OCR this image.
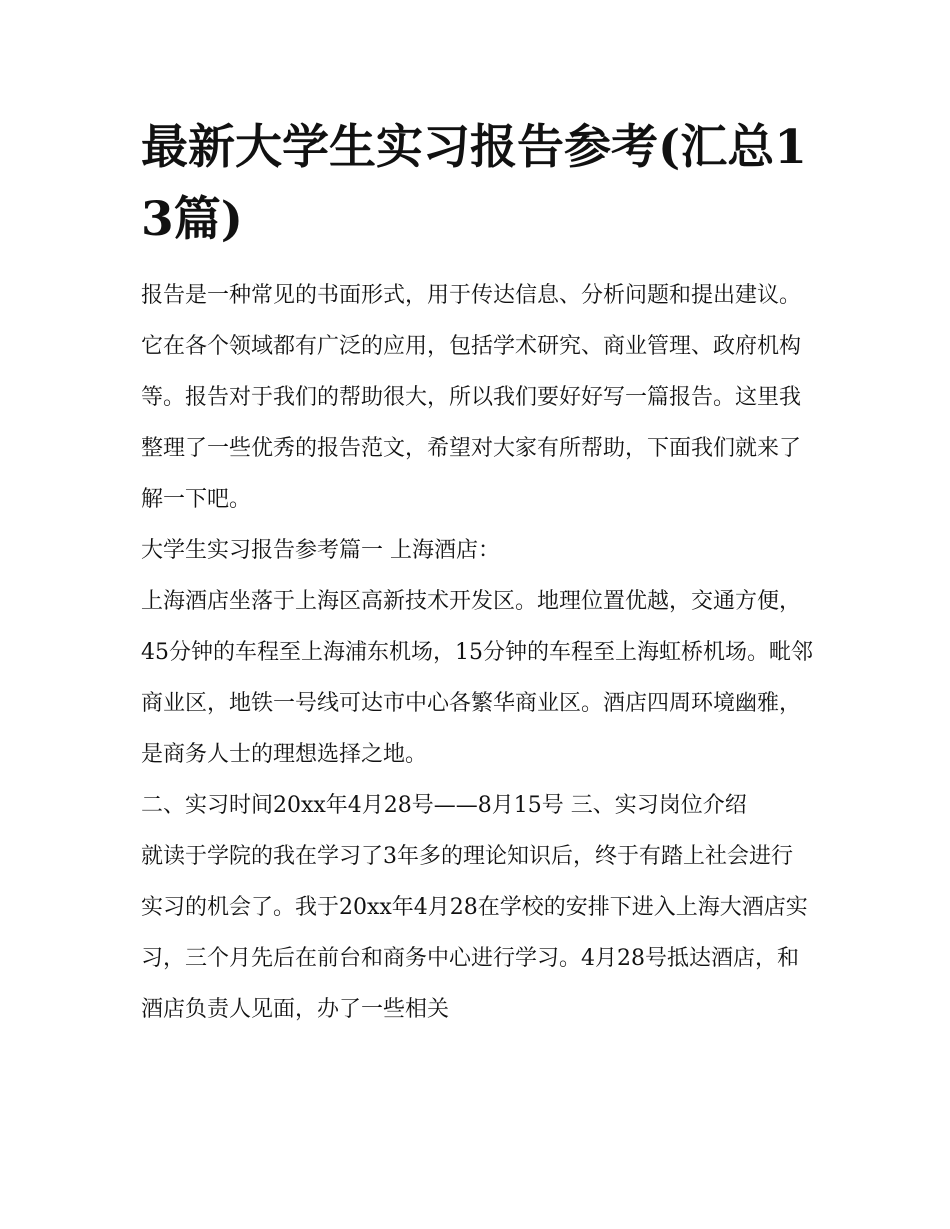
最新大学生实习报告参考(汇总13篇)

报告是一种常见的书面形式，用于传达信息、分析问题和提出建议。它在各个领域都有广泛的应用，包括学术研究、商业管理、政府机构等。报告对于我们的帮助很大，所以我们要好好写一篇报告。这里我整理了一些优秀的报告范文，希望对大家有所帮助，下面我们就来了解一下吧。

大学生实习报告参考篇一 上海酒店：

上海酒店坐落于上海区高新技术开发区。地理位置优越，交通方便，45分钟的车程至上海浦东机场，15分钟的车程至上海虹桥机场。毗邻商业区，地铁一号线可达市中心各繁华商业区。酒店四周环境幽雅，是商务人士的理想选择之地。

二、实习时间20xx年4月28号——8月15号 三、实习岗位介绍

就读于学院的我在学习了3年多的理论知识后，终于有踏上社会进行实习的机会了。我于20xx年4月28在学校的安排下进入上海大酒店实习，三个月先后在前台和商务中心进行学习。4月28号抵达酒店，和酒店负责人见面，办了一些相关
